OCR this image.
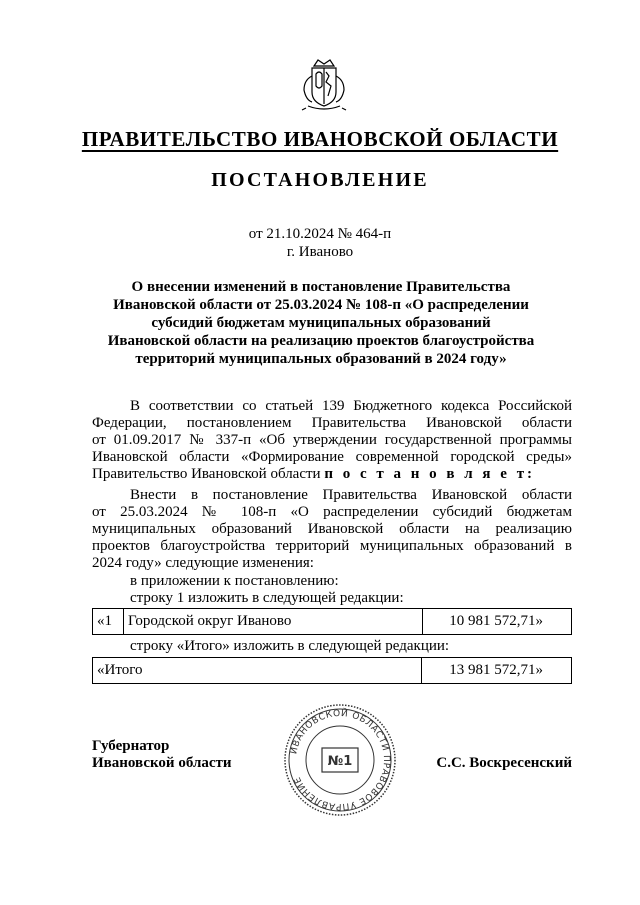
ПРАВИТЕЛЬСТВО ИВАНОВСКОЙ ОБЛАСТИ
ПОСТАНОВЛЕНИЕ
от 21.10.2024 № 464-п
г. Иваново
О внесении изменений в постановление Правительства
Ивановской области от 25.03.2024 № 108-п «О распределении
субсидий бюджетам муниципальных образований
Ивановской области на реализацию проектов благоустройства
территорий муниципальных образований в 2024 году»
В соответствии со статьей 139 Бюджетного кодекса Российской
Федерации, постановлением Правительства Ивановской области
от 01.09.2017 № 337-п «Об утверждении государственной программы
Ивановской области «Формирование современной городской среды»
Правительство Ивановской области п о с т а н о в л я е т:
Внести в постановление Правительства Ивановской области
от 25.03.2024 № 108-п «О распределении субсидий бюджетам
муниципальных образований Ивановской области на реализацию
проектов благоустройства территорий муниципальных образований в
2024 году» следующие изменения:
в приложении к постановлению:
строку 1 изложить в следующей редакции:
«1	Городской округ Иваново	10 981 572,71»
строку «Итого» изложить в следующей редакции:
«Итого	13 981 572,71»
ИВАНОВСКОЙ ОБЛАСТИ ПРАВОВОЕ УПРАВЛЕНИЕ
№1
Губернатор
Ивановской области	С.С. Воскресенский
